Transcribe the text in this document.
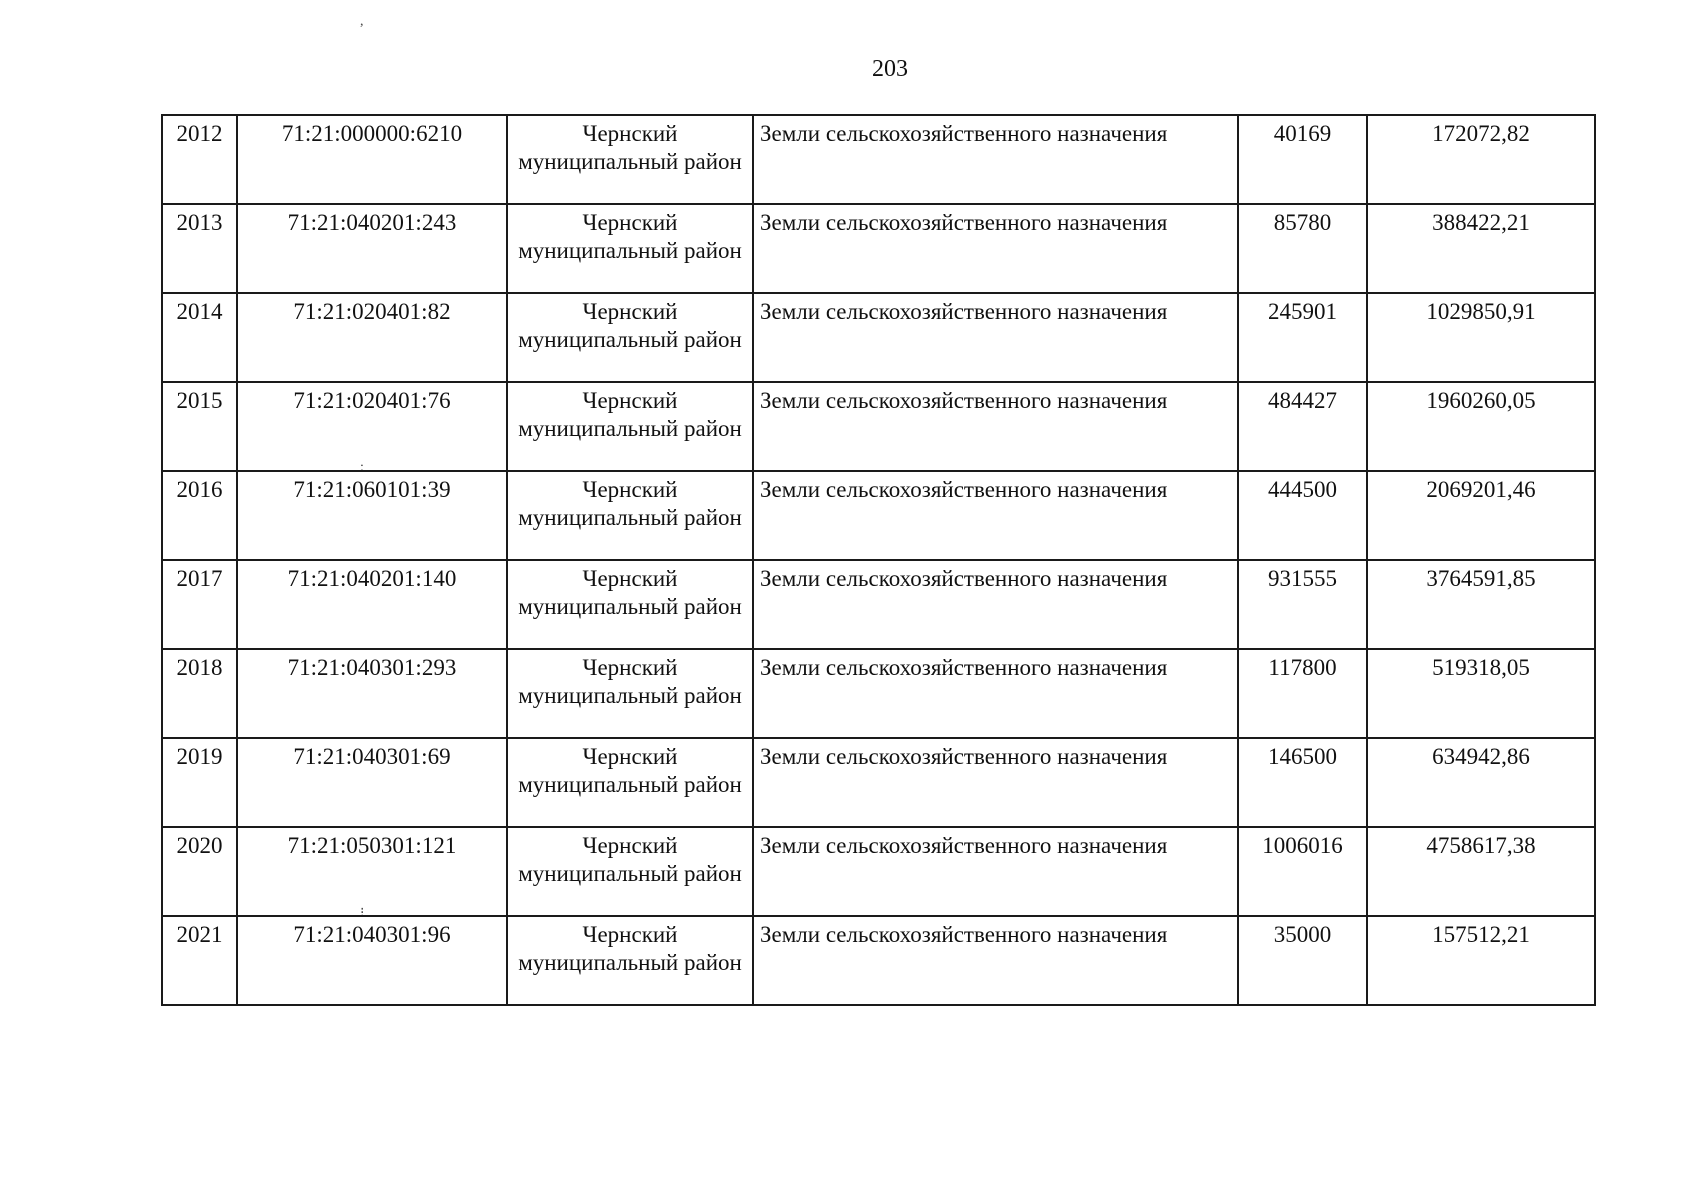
203
,
:
⁝
2012	71:21:000000:6210	Чернский муниципальный район	Земли сельскохозяйственного назначения	40169	172072,82
2013	71:21:040201:243	Чернский муниципальный район	Земли сельскохозяйственного назначения	85780	388422,21
2014	71:21:020401:82	Чернский муниципальный район	Земли сельскохозяйственного назначения	245901	1029850,91
2015	71:21:020401:76	Чернский муниципальный район	Земли сельскохозяйственного назначения	484427	1960260,05
2016	71:21:060101:39	Чернский муниципальный район	Земли сельскохозяйственного назначения	444500	2069201,46
2017	71:21:040201:140	Чернский муниципальный район	Земли сельскохозяйственного назначения	931555	3764591,85
2018	71:21:040301:293	Чернский муниципальный район	Земли сельскохозяйственного назначения	117800	519318,05
2019	71:21:040301:69	Чернский муниципальный район	Земли сельскохозяйственного назначения	146500	634942,86
2020	71:21:050301:121	Чернский муниципальный район	Земли сельскохозяйственного назначения	1006016	4758617,38
2021	71:21:040301:96	Чернский муниципальный район	Земли сельскохозяйственного назначения	35000	157512,21
